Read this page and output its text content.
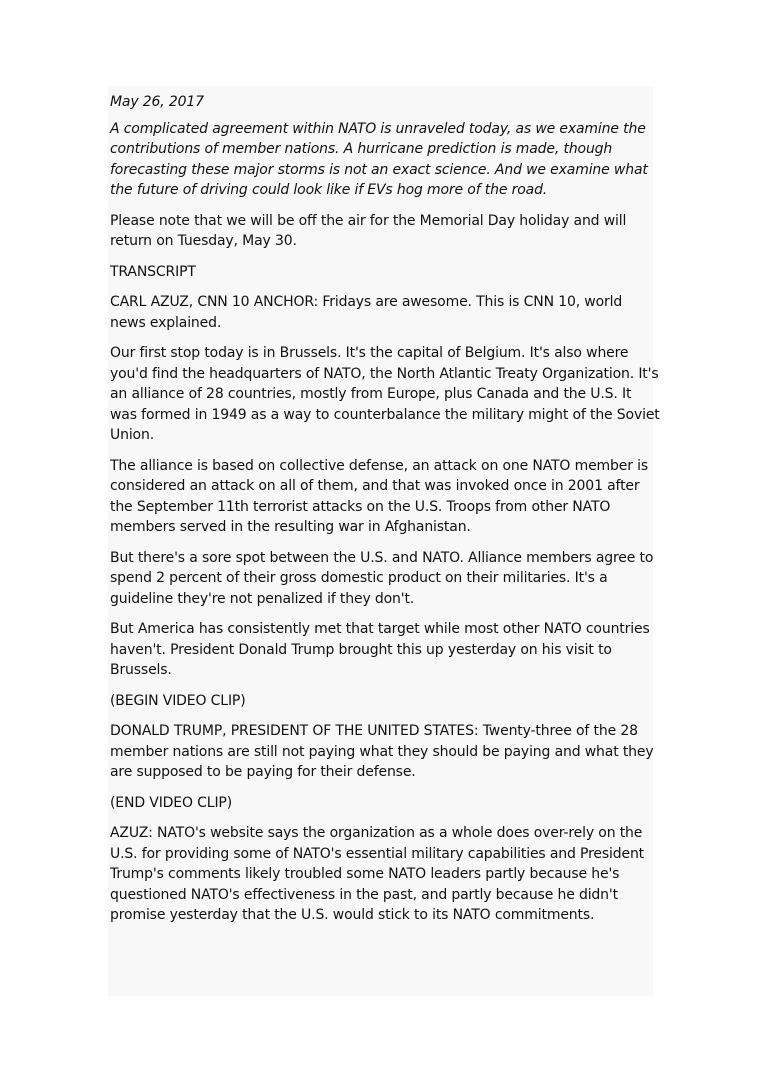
May 26, 2017

A complicated agreement within NATO is unraveled today, as we examine the contributions of member nations. A hurricane prediction is made, though forecasting these major storms is not an exact science. And we examine what the future of driving could look like if EVs hog more of the road.

Please note that we will be off the air for the Memorial Day holiday and will return on Tuesday, May 30.

TRANSCRIPT

CARL AZUZ, CNN 10 ANCHOR: Fridays are awesome. This is CNN 10, world news explained.

Our first stop today is in Brussels. It's the capital of Belgium. It's also where you'd find the headquarters of NATO, the North Atlantic Treaty Organization. It's an alliance of 28 countries, mostly from Europe, plus Canada and the U.S. It was formed in 1949 as a way to counterbalance the military might of the Soviet Union.

The alliance is based on collective defense, an attack on one NATO member is considered an attack on all of them, and that was invoked once in 2001 after the September 11th terrorist attacks on the U.S. Troops from other NATO members served in the resulting war in Afghanistan.

But there's a sore spot between the U.S. and NATO. Alliance members agree to spend 2 percent of their gross domestic product on their militaries. It's a guideline they're not penalized if they don't.

But America has consistently met that target while most other NATO countries haven't. President Donald Trump brought this up yesterday on his visit to Brussels.

(BEGIN VIDEO CLIP)

DONALD TRUMP, PRESIDENT OF THE UNITED STATES: Twenty-three of the 28 member nations are still not paying what they should be paying and what they are supposed to be paying for their defense.

(END VIDEO CLIP)

AZUZ: NATO's website says the organization as a whole does over-rely on the U.S. for providing some of NATO's essential military capabilities and President Trump's comments likely troubled some NATO leaders partly because he's questioned NATO's effectiveness in the past, and partly because he didn't promise yesterday that the U.S. would stick to its NATO commitments.
